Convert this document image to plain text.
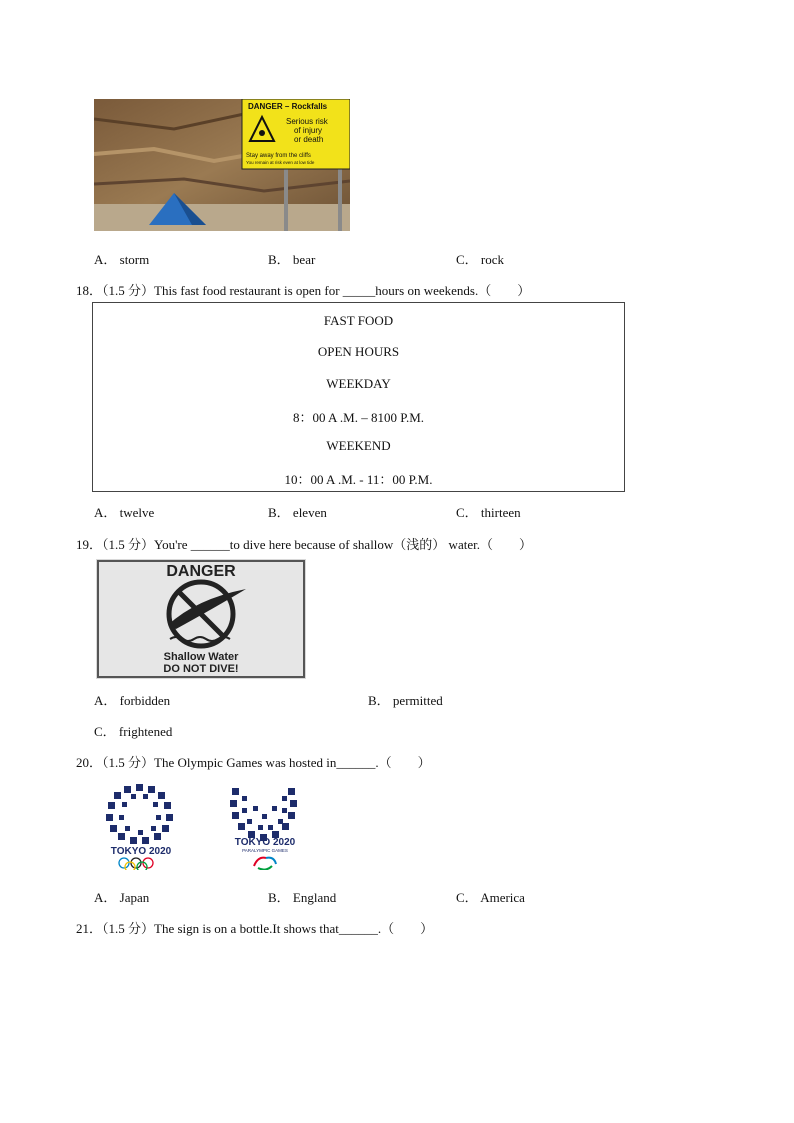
DANGER – Rockfalls
Serious risk
of injury
or death
Stay away from the cliffs
You remain at risk even at low tide
A． storm	B． bear	C． rock
18．（1.5 分）This fast food restaurant is open for _____hours on weekends.（　　）
FAST FOOD
OPEN HOURS
WEEKDAY
8：00 A .M. – 8100 P.M.
WEEKEND
10：00 A .M. - 11：00 P.M.
A． twelve	B． eleven	C． thirteen
19．（1.5 分）You're ______to dive here because of shallow（浅的） water.（　　）
DANGER
Shallow Water
DO NOT DIVE!
A． forbidden	B． permitted
C． frightened
20．（1.5 分）The Olympic Games was hosted in______.（　　）
TOKYO 2020
TOKYO 2020
PARALYMPIC GAMES
A． Japan	B． England	C． America
21．（1.5 分）The sign is on a bottle.It shows that______.（　　）
